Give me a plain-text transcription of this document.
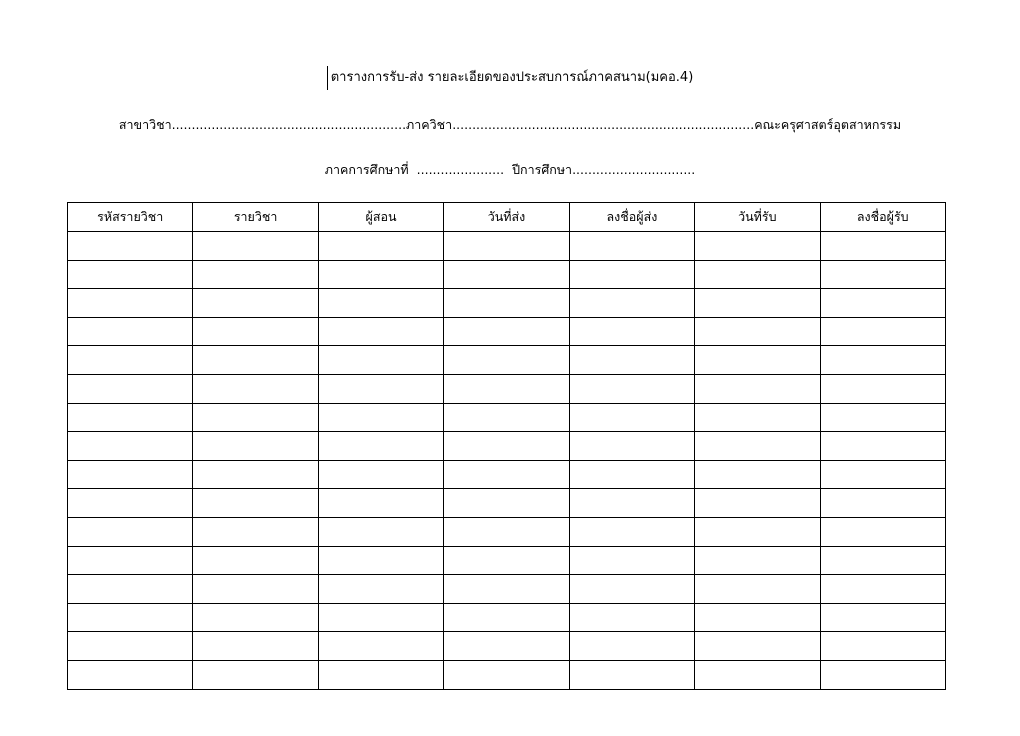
ตารางการรับ-ส่ง รายละเอียดของประสบการณ์ภาคสนาม(มคอ.4)
สาขาวิชา...........................................................ภาควิชา............................................................................คณะครุศาสตร์อุตสาหกรรม
ภาคการศึกษาที่ ...................... ปีการศึกษา...............................
รหัสรายวิชา	รายวิชา	ผู้สอน	วันที่ส่ง	ลงชื่อผู้ส่ง	วันที่รับ	ลงชื่อผู้รับ
